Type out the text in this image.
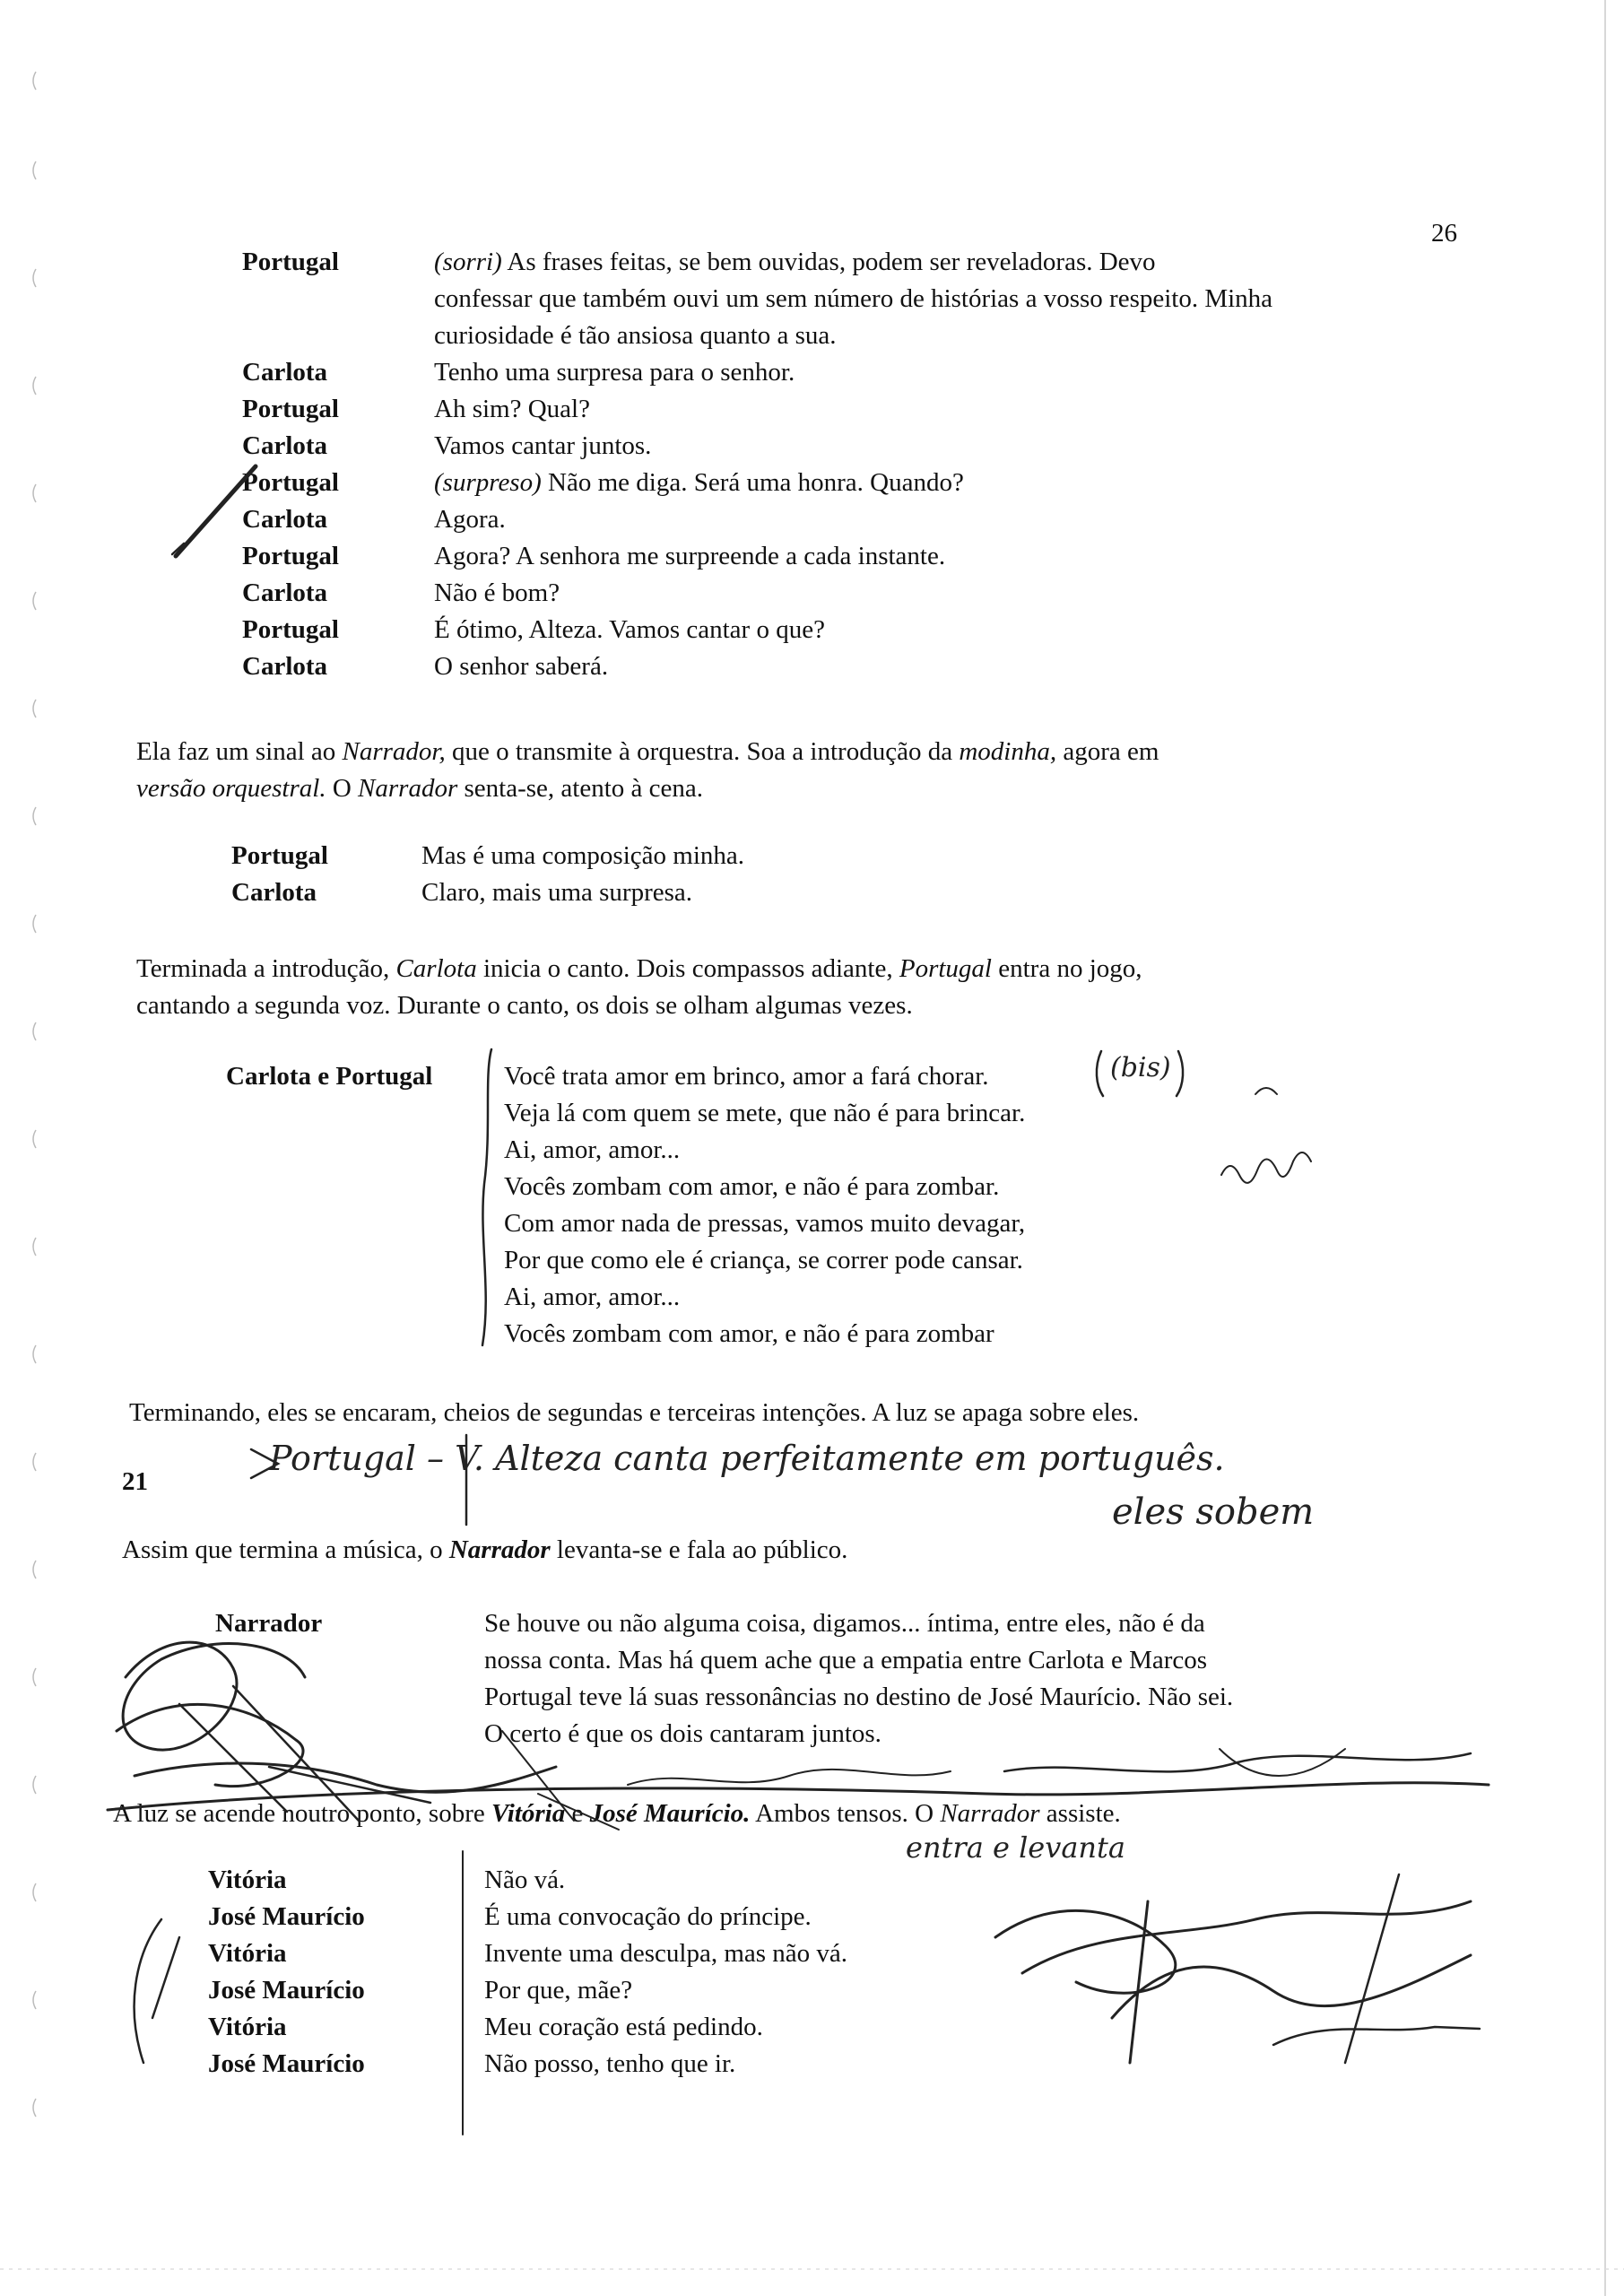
26
Portugal
Carlota
Portugal
Carlota
Portugal
Carlota
Portugal
Carlota
Portugal
Carlota
(sorri) As frases feitas, se bem ouvidas, podem ser reveladoras. Devo
confessar que também ouvi um sem número de histórias a vosso respeito. Minha
curiosidade é tão ansiosa quanto a sua.
Tenho uma surpresa para o senhor.
Ah sim? Qual?
Vamos cantar juntos.
(surpreso) Não me diga. Será uma honra. Quando?
Agora.
Agora? A senhora me surpreende a cada instante.
Não é bom?
É ótimo, Alteza. Vamos cantar o que?
O senhor saberá.
Ela faz um sinal ao Narrador, que o transmite à orquestra. Soa a introdução da modinha, agora em
versão orquestral. O Narrador senta-se, atento à cena.
Portugal
Carlota
Mas é uma composição minha.
Claro, mais uma surpresa.
Terminada a introdução, Carlota inicia o canto. Dois compassos adiante, Portugal entra no jogo,
cantando a segunda voz. Durante o canto, os dois se olham algumas vezes.
Carlota e Portugal	Você trata amor em brinco, amor a fará chorar.
Veja lá com quem se mete, que não é para brincar.
Ai, amor, amor...
Vocês zombam com amor, e não é para zombar.
Com amor nada de pressas, vamos muito devagar,
Por que como ele é criança, se correr pode cansar.
Ai, amor, amor...
Vocês zombam com amor, e não é para zombar
(bis)
Terminando, eles se encaram, cheios de segundas e terceiras intenções. A luz se apaga sobre eles.
21
Portugal – V. Alteza canta perfeitamente em português.
eles sobem
Assim que termina a música, o Narrador levanta-se e fala ao público.
Narrador	Se houve ou não alguma coisa, digamos... íntima, entre eles, não é da
nossa conta. Mas há quem ache que a empatia entre Carlota e Marcos
Portugal teve lá suas ressonâncias no destino de José Maurício. Não sei.
O certo é que os dois cantaram juntos.
A luz se acende noutro ponto, sobre Vitória e José Maurício. Ambos tensos. O Narrador assiste.
entra e levanta
Vitória
José Maurício
Vitória
José Maurício
Vitória
José Maurício
Não vá.
É uma convocação do príncipe.
Invente uma desculpa, mas não vá.
Por que, mãe?
Meu coração está pedindo.
Não posso, tenho que ir.
